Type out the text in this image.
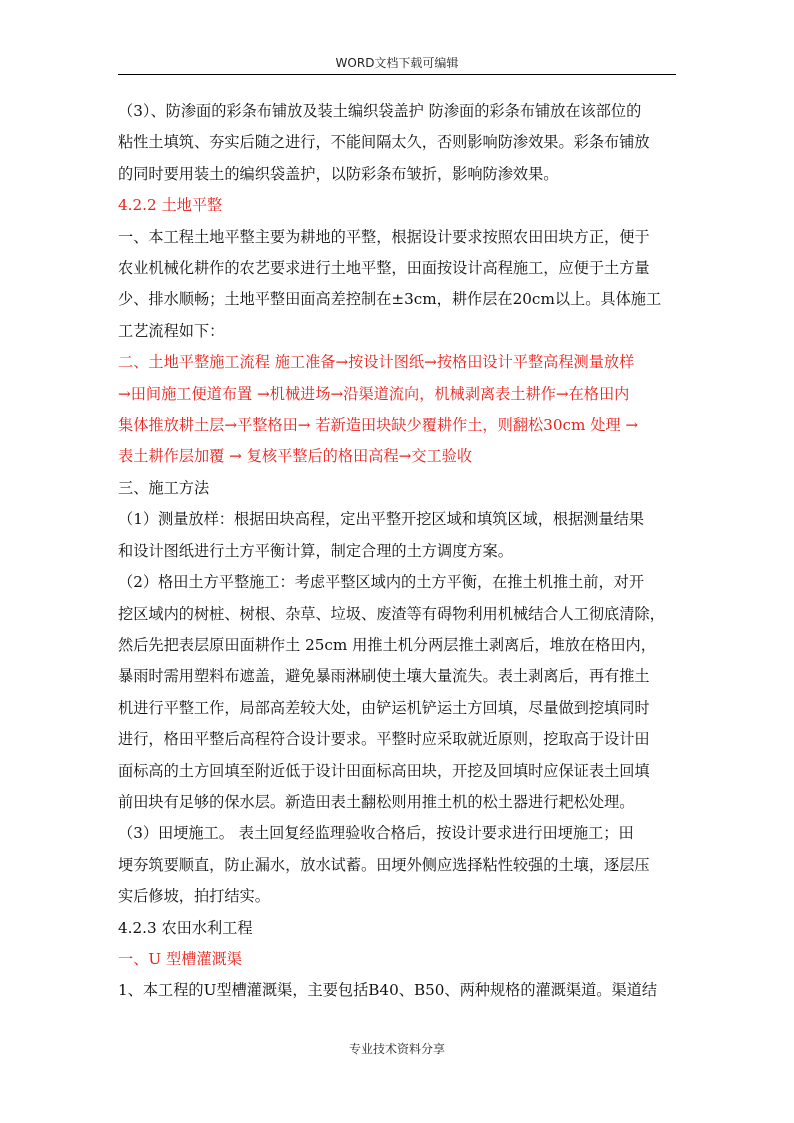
WORD文档下载可编辑

（3）、防渗面的彩条布铺放及装土编织袋盖护 防渗面的彩条布铺放在该部位的

粘性土填筑、夯实后随之进行，不能间隔太久，否则影响防渗效果。彩条布铺放

的同时要用装土的编织袋盖护，以防彩条布皱折，影响防渗效果。

4.2.2 土地平整

一、本工程土地平整主要为耕地的平整，根据设计要求按照农田田块方正，便于

农业机械化耕作的农艺要求进行土地平整，田面按设计高程施工，应便于土方量

少、排水顺畅；土地平整田面高差控制在±3cm，耕作层在20cm以上。具体施工

工艺流程如下：

二、土地平整施工流程 施工准备→按设计图纸→按格田设计平整高程测量放样

→田间施工便道布置 →机械进场→沿渠道流向，机械剥离表土耕作→在格田内

集体推放耕土层→平整格田→ 若新造田块缺少覆耕作土，则翻松30cm 处理 →

表土耕作层加覆 → 复核平整后的格田高程→交工验收

三、施工方法

（1）测量放样：根据田块高程，定出平整开挖区域和填筑区域，根据测量结果

和设计图纸进行土方平衡计算，制定合理的土方调度方案。

（2）格田土方平整施工：考虑平整区域内的土方平衡，在推土机推土前，对开

挖区域内的树桩、树根、杂草、垃圾、废渣等有碍物利用机械结合人工彻底清除，

然后先把表层原田面耕作土 25cm 用推土机分两层推土剥离后，堆放在格田内，

暴雨时需用塑料布遮盖，避免暴雨淋刷使土壤大量流失。表土剥离后，再有推土

机进行平整工作，局部高差较大处，由铲运机铲运土方回填，尽量做到挖填同时

进行，格田平整后高程符合设计要求。平整时应采取就近原则，挖取高于设计田

面标高的土方回填至附近低于设计田面标高田块，开挖及回填时应保证表土回填

前田块有足够的保水层。新造田表土翻松则用推土机的松土器进行耙松处理。

（3）田埂施工。 表土回复经监理验收合格后，按设计要求进行田埂施工；田

埂夯筑要顺直，防止漏水，放水试蓄。田埂外侧应选择粘性较强的土壤，逐层压

实后修坡，拍打结实。

4.2.3 农田水利工程

一、U 型槽灌溉渠

1、本工程的U型槽灌溉渠，主要包括B40、B50、两种规格的灌溉渠道。渠道结

专业技术资料分享
